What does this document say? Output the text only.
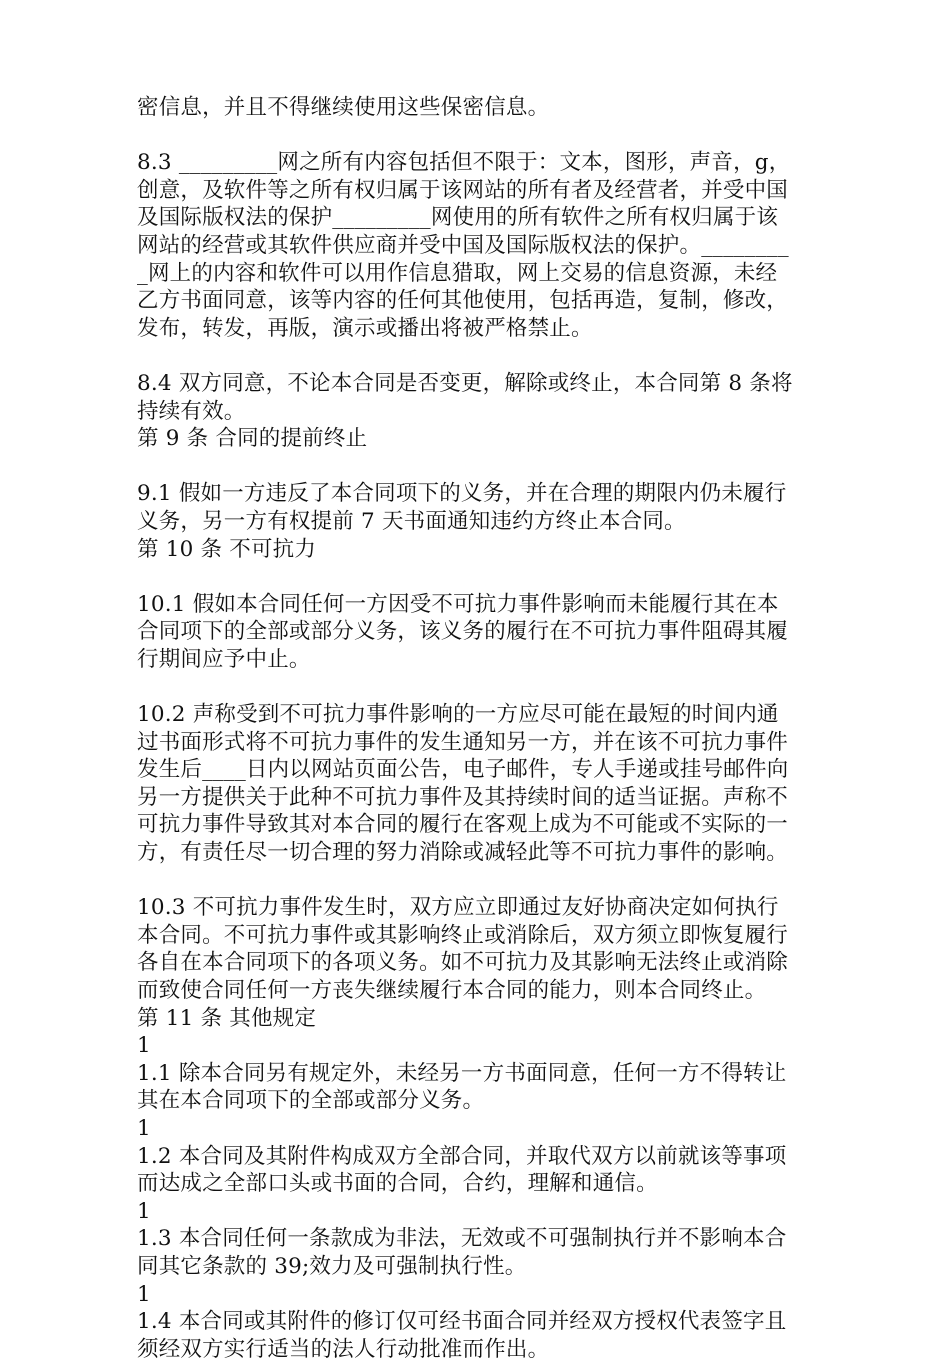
密信息，并且不得继续使用这些保密信息。
8.3 _________网之所有内容包括但不限于：文本，图形，声音，g，
创意，及软件等之所有权归属于该网站的所有者及经营者，并受中国
及国际版权法的保护_________网使用的所有软件之所有权归属于该
网站的经营或其软件供应商并受中国及国际版权法的保护。________
_网上的内容和软件可以用作信息猎取，网上交易的信息资源，未经
乙方书面同意，该等内容的任何其他使用，包括再造，复制，修改，
发布，转发，再版，演示或播出将被严格禁止。
8.4 双方同意，不论本合同是否变更，解除或终止，本合同第 8 条将
持续有效。
第 9 条 合同的提前终止
9.1 假如一方违反了本合同项下的义务，并在合理的期限内仍未履行
义务，另一方有权提前 7 天书面通知违约方终止本合同。
第 10 条 不可抗力
10.1 假如本合同任何一方因受不可抗力事件影响而未能履行其在本
合同项下的全部或部分义务，该义务的履行在不可抗力事件阻碍其履
行期间应予中止。
10.2 声称受到不可抗力事件影响的一方应尽可能在最短的时间内通
过书面形式将不可抗力事件的发生通知另一方，并在该不可抗力事件
发生后____日内以网站页面公告，电子邮件，专人手递或挂号邮件向
另一方提供关于此种不可抗力事件及其持续时间的适当证据。声称不
可抗力事件导致其对本合同的履行在客观上成为不可能或不实际的一
方，有责任尽一切合理的努力消除或减轻此等不可抗力事件的影响。
10.3 不可抗力事件发生时，双方应立即通过友好协商决定如何执行
本合同。不可抗力事件或其影响终止或消除后，双方须立即恢复履行
各自在本合同项下的各项义务。如不可抗力及其影响无法终止或消除
而致使合同任何一方丧失继续履行本合同的能力，则本合同终止。
第 11 条 其他规定
1
1.1 除本合同另有规定外，未经另一方书面同意，任何一方不得转让
其在本合同项下的全部或部分义务。
1
1.2 本合同及其附件构成双方全部合同，并取代双方以前就该等事项
而达成之全部口头或书面的合同，合约，理解和通信。
1
1.3 本合同任何一条款成为非法，无效或不可强制执行并不影响本合
同其它条款的 39;效力及可强制执行性。
1
1.4 本合同或其附件的修订仅可经书面合同并经双方授权代表签字且
须经双方实行适当的法人行动批准而作出。
